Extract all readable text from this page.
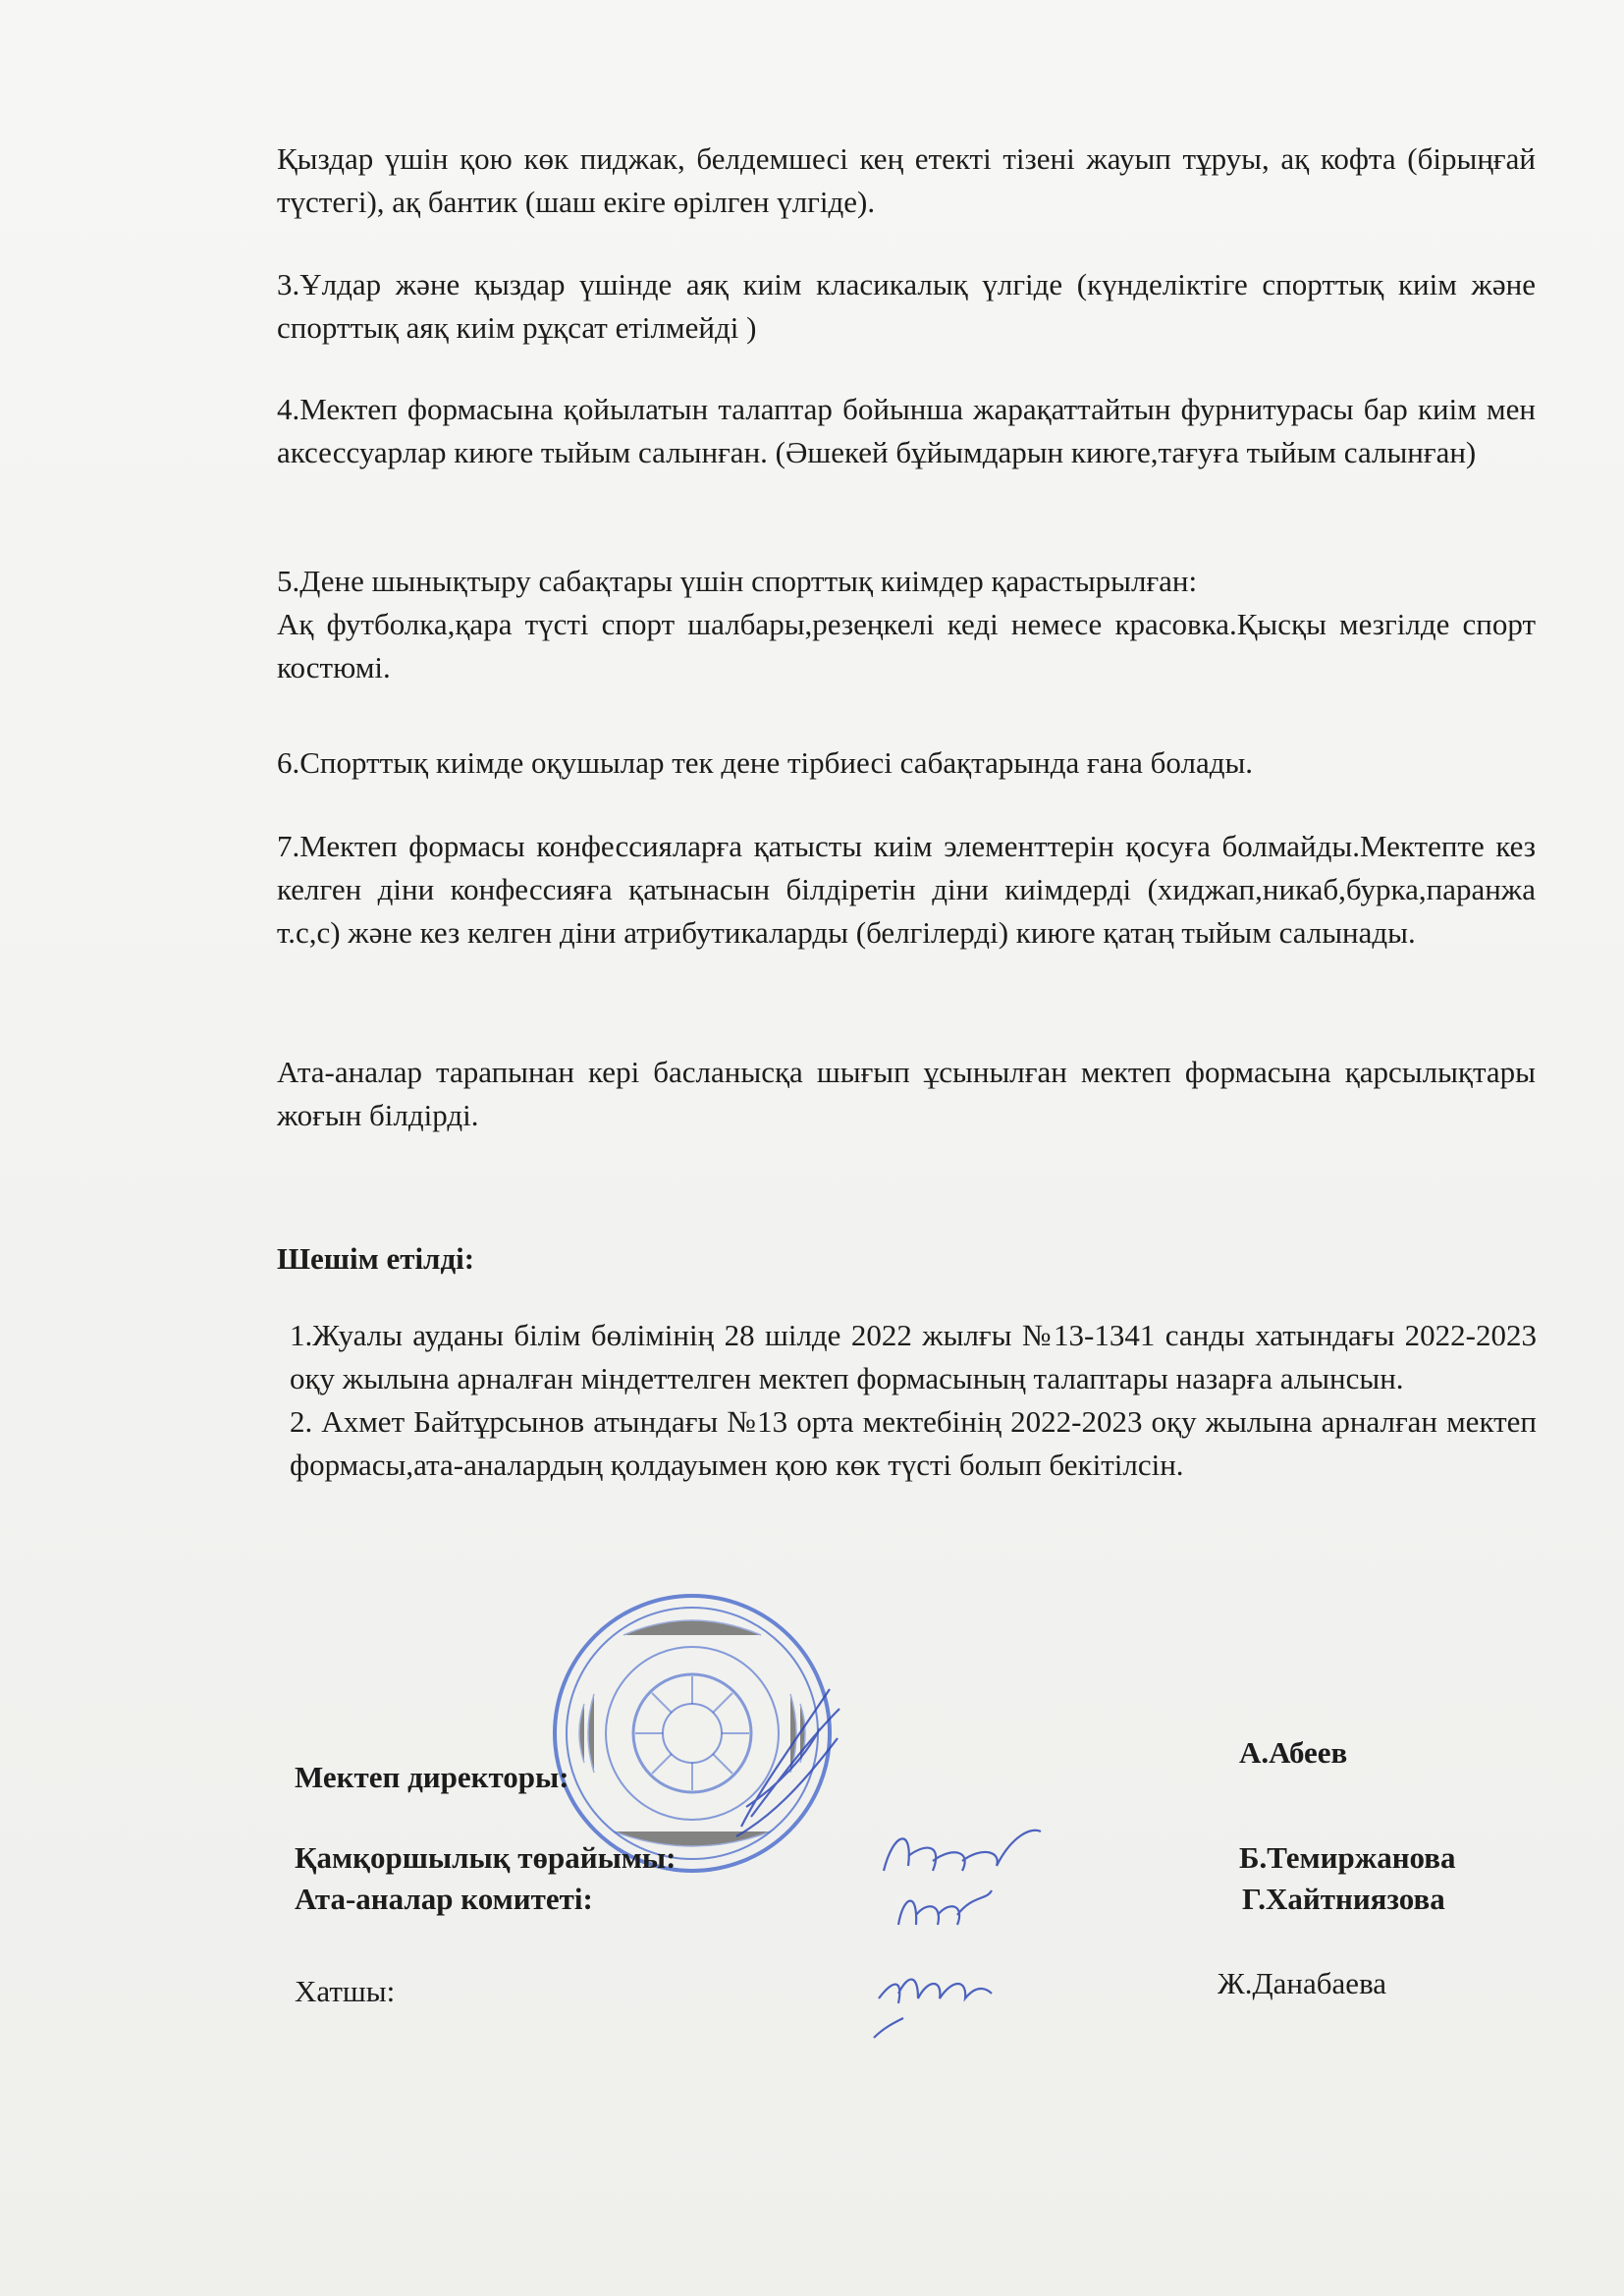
Қыздар үшін қою көк пиджак, белдемшесі кең етекті тізені жауып тұруы, ақ кофта (бірыңғай түстегі), ақ бантик (шаш екіге өрілген үлгіде).

3.Ұлдар және қыздар үшінде аяқ киім класикалық үлгіде (күнделіктіге спорттық киім және спорттық аяқ киім рұқсат етілмейді )

4.Мектеп формасына қойылатын талаптар бойынша жарақаттайтын фурнитурасы бар киім мен аксессуарлар киюге тыйым салынған. (Әшекей бұйымдарын киюге,тағуға тыйым салынған)

5.Дене шынықтыру сабақтары үшін спорттық киімдер қарастырылған:

Ақ футболка,қара түсті спорт шалбары,резеңкелі кеді немесе красовка.Қысқы мезгілде спорт костюмі.

6.Спорттық киімде оқушылар тек дене тірбиесі сабақтарында ғана болады.

7.Мектеп формасы конфессияларға қатысты киім элементтерін қосуға болмайды.Мектепте кез келген діни конфессияға қатынасын білдіретін діни киімдерді (хиджап,никаб,бурка,паранжа т.с,с) және кез келген діни атрибутикаларды (белгілерді) киюге қатаң тыйым салынады.

Ата-аналар тарапынан кері басланысқа шығып ұсынылған мектеп формасына қарсылықтары жоғын білдірді.

Шешім етілді:

1.Жуалы ауданы білім бөлімінің 28 шілде 2022 жылғы №13-1341 санды хатындағы 2022-2023 оқу жылына арналған міндеттелген мектеп формасының талаптары назарға алынсын.

2. Ахмет Байтұрсынов атындағы №13 орта мектебінің 2022-2023 оқу жылына арналған мектеп формасы,ата-аналардың қолдауымен қою көк түсті болып бекітілсін.

Мектеп директоры:
А.Абеев
Қамқоршылық төрайымы:	Б.Темиржанова
Ата-аналар комитеті:	Г.Хайтниязова
Хатшы:	Ж.Данабаева
